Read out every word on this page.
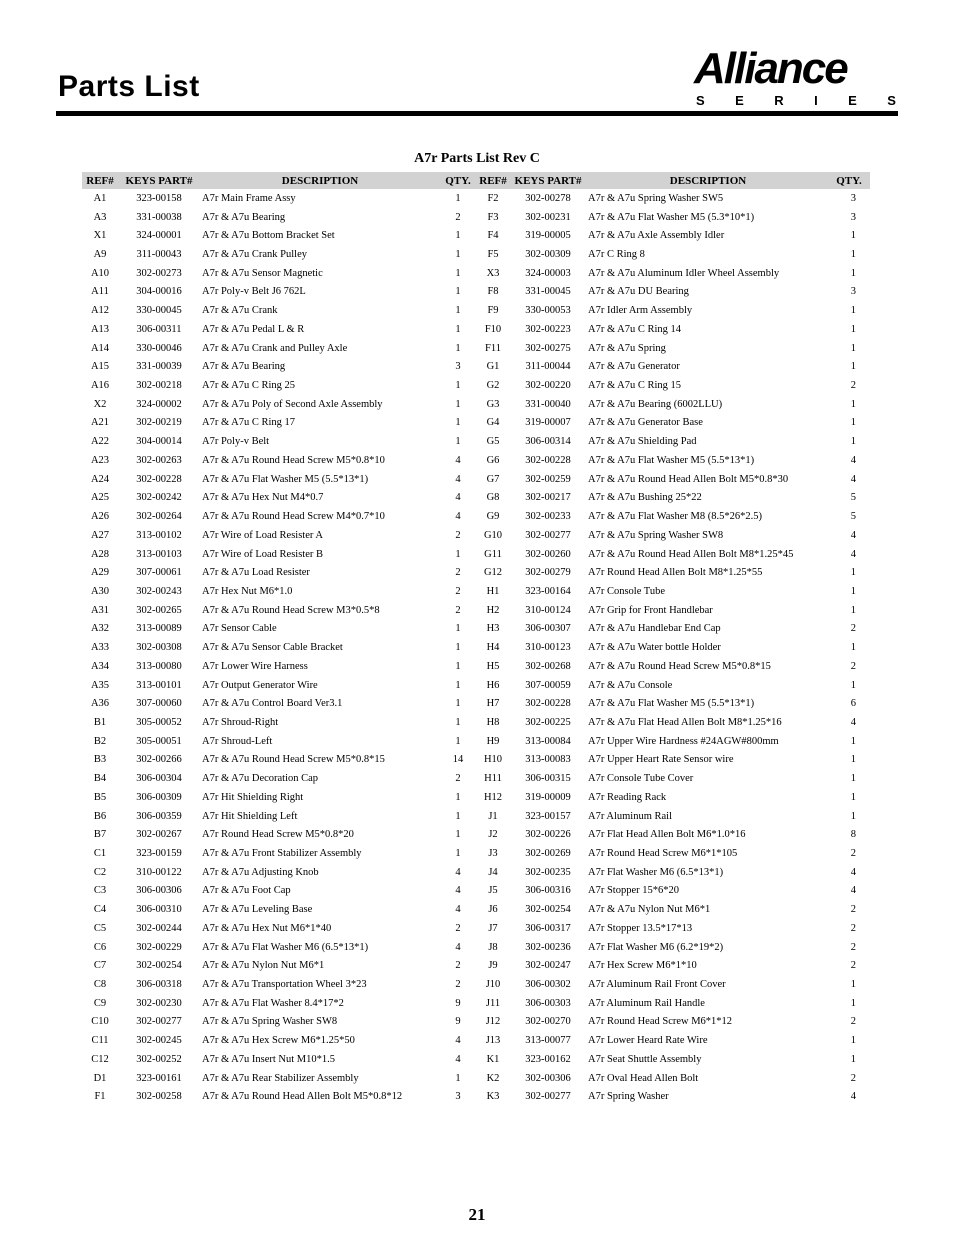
Parts List	Alliance
S E R I E S
A7r Parts List Rev C
REF#	KEYS PART#	DESCRIPTION	QTY.	REF#	KEYS PART#	DESCRIPTION	QTY.
A1	323-00158	A7r Main Frame Assy	1	F2	302-00278	A7r & A7u Spring Washer SW5	3
A3	331-00038	A7r & A7u Bearing	2	F3	302-00231	A7r & A7u Flat Washer M5 (5.3*10*1)	3
X1	324-00001	A7r & A7u Bottom Bracket Set	1	F4	319-00005	A7r & A7u Axle Assembly Idler	1
A9	311-00043	A7r & A7u Crank Pulley	1	F5	302-00309	A7r C Ring 8	1
A10	302-00273	A7r & A7u Sensor Magnetic	1	X3	324-00003	A7r & A7u Aluminum Idler Wheel Assembly	1
A11	304-00016	A7r Poly-v Belt J6 762L	1	F8	331-00045	A7r & A7u DU Bearing	3
A12	330-00045	A7r & A7u Crank	1	F9	330-00053	A7r Idler Arm Assembly	1
A13	306-00311	A7r & A7u Pedal L & R	1	F10	302-00223	A7r & A7u C Ring 14	1
A14	330-00046	A7r & A7u Crank and Pulley Axle	1	F11	302-00275	A7r & A7u Spring	1
A15	331-00039	A7r & A7u Bearing	3	G1	311-00044	A7r & A7u Generator	1
A16	302-00218	A7r & A7u C Ring 25	1	G2	302-00220	A7r & A7u C Ring 15	2
X2	324-00002	A7r & A7u Poly of Second Axle Assembly	1	G3	331-00040	A7r & A7u Bearing (6002LLU)	1
A21	302-00219	A7r & A7u C Ring 17	1	G4	319-00007	A7r & A7u Generator Base	1
A22	304-00014	A7r Poly-v Belt	1	G5	306-00314	A7r & A7u Shielding Pad	1
A23	302-00263	A7r & A7u Round Head Screw M5*0.8*10	4	G6	302-00228	A7r & A7u Flat Washer M5 (5.5*13*1)	4
A24	302-00228	A7r & A7u Flat Washer M5 (5.5*13*1)	4	G7	302-00259	A7r & A7u Round Head Allen Bolt M5*0.8*30	4
A25	302-00242	A7r & A7u Hex Nut M4*0.7	4	G8	302-00217	A7r & A7u Bushing 25*22	5
A26	302-00264	A7r & A7u Round Head Screw M4*0.7*10	4	G9	302-00233	A7r & A7u Flat Washer M8 (8.5*26*2.5)	5
A27	313-00102	A7r Wire of Load Resister A	2	G10	302-00277	A7r & A7u Spring Washer SW8	4
A28	313-00103	A7r Wire of Load Resister B	1	G11	302-00260	A7r & A7u Round Head Allen Bolt M8*1.25*45	4
A29	307-00061	A7r & A7u Load Resister	2	G12	302-00279	A7r Round Head Allen Bolt M8*1.25*55	1
A30	302-00243	A7r Hex Nut M6*1.0	2	H1	323-00164	A7r Console Tube	1
A31	302-00265	A7r & A7u Round Head Screw M3*0.5*8	2	H2	310-00124	A7r Grip for Front Handlebar	1
A32	313-00089	A7r Sensor Cable	1	H3	306-00307	A7r & A7u Handlebar End Cap	2
A33	302-00308	A7r & A7u Sensor Cable Bracket	1	H4	310-00123	A7r & A7u Water bottle Holder	1
A34	313-00080	A7r Lower Wire Harness	1	H5	302-00268	A7r & A7u Round Head Screw M5*0.8*15	2
A35	313-00101	A7r Output Generator Wire	1	H6	307-00059	A7r & A7u Console	1
A36	307-00060	A7r & A7u Control Board Ver3.1	1	H7	302-00228	A7r & A7u Flat Washer M5 (5.5*13*1)	6
B1	305-00052	A7r Shroud-Right	1	H8	302-00225	A7r & A7u Flat Head Allen Bolt M8*1.25*16	4
B2	305-00051	A7r Shroud-Left	1	H9	313-00084	A7r Upper Wire Hardness #24AGW#800mm	1
B3	302-00266	A7r & A7u Round Head Screw M5*0.8*15	14	H10	313-00083	A7r Upper Heart Rate Sensor wire	1
B4	306-00304	A7r & A7u Decoration Cap	2	H11	306-00315	A7r Console Tube Cover	1
B5	306-00309	A7r Hit Shielding Right	1	H12	319-00009	A7r Reading Rack	1
B6	306-00359	A7r Hit Shielding Left	1	J1	323-00157	A7r Aluminum Rail	1
B7	302-00267	A7r Round Head Screw M5*0.8*20	1	J2	302-00226	A7r Flat Head Allen Bolt M6*1.0*16	8
C1	323-00159	A7r & A7u Front Stabilizer Assembly	1	J3	302-00269	A7r Round Head Screw M6*1*105	2
C2	310-00122	A7r & A7u Adjusting Knob	4	J4	302-00235	A7r Flat Washer M6 (6.5*13*1)	4
C3	306-00306	A7r & A7u Foot Cap	4	J5	306-00316	A7r Stopper 15*6*20	4
C4	306-00310	A7r & A7u Leveling Base	4	J6	302-00254	A7r & A7u Nylon Nut M6*1	2
C5	302-00244	A7r & A7u Hex Nut M6*1*40	2	J7	306-00317	A7r Stopper 13.5*17*13	2
C6	302-00229	A7r & A7u Flat Washer M6 (6.5*13*1)	4	J8	302-00236	A7r Flat Washer M6 (6.2*19*2)	2
C7	302-00254	A7r & A7u Nylon Nut M6*1	2	J9	302-00247	A7r Hex Screw M6*1*10	2
C8	306-00318	A7r & A7u Transportation Wheel 3*23	2	J10	306-00302	A7r Aluminum Rail Front Cover	1
C9	302-00230	A7r & A7u Flat Washer 8.4*17*2	9	J11	306-00303	A7r Aluminum Rail Handle	1
C10	302-00277	A7r & A7u Spring Washer SW8	9	J12	302-00270	A7r Round Head Screw M6*1*12	2
C11	302-00245	A7r & A7u Hex Screw M6*1.25*50	4	J13	313-00077	A7r Lower Heard Rate Wire	1
C12	302-00252	A7r & A7u Insert Nut M10*1.5	4	K1	323-00162	A7r Seat Shuttle Assembly	1
D1	323-00161	A7r & A7u Rear Stabilizer Assembly	1	K2	302-00306	A7r Oval Head Allen Bolt	2
F1	302-00258	A7r & A7u Round Head Allen Bolt M5*0.8*12	3	K3	302-00277	A7r Spring Washer	4
21
